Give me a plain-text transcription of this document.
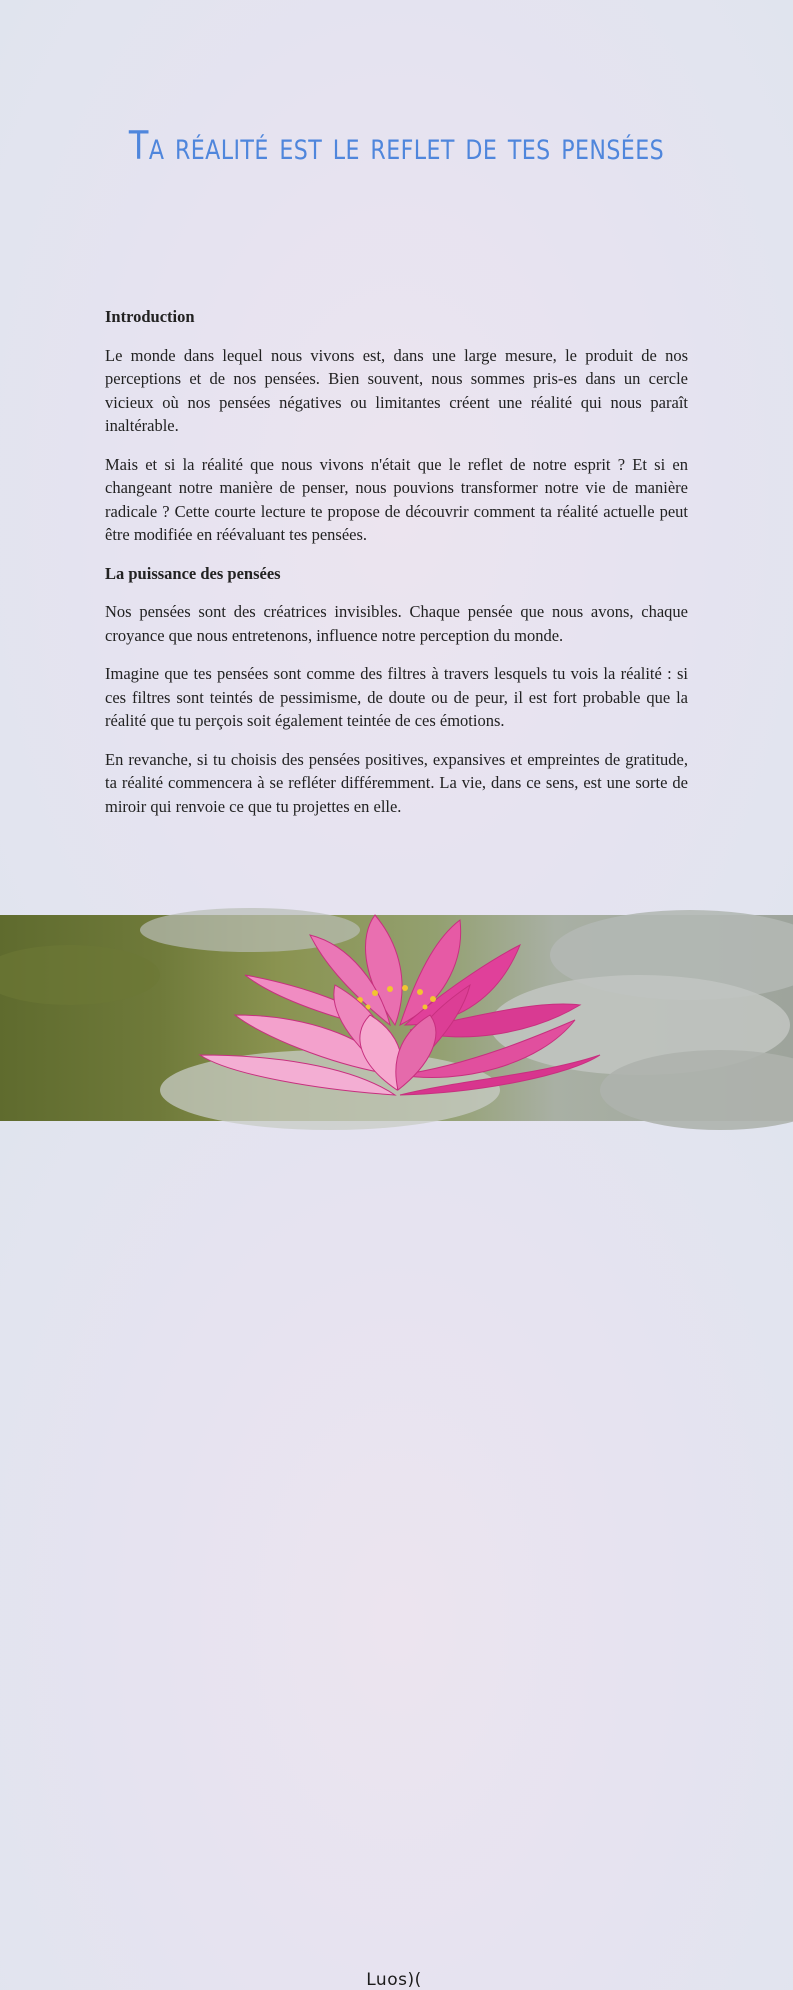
Ta réalité est le reflet de tes pensées
Introduction

Le monde dans lequel nous vivons est, dans une large mesure, le produit de nos perceptions et de nos pensées. Bien souvent, nous sommes pris-es dans un cercle vicieux où nos pensées négatives ou limitantes créent une réalité qui nous paraît inaltérable.

Mais et si la réalité que nous vivons n'était que le reflet de notre esprit ? Et si en changeant notre manière de penser, nous pouvions transformer notre vie de manière radicale ? Cette courte lecture te propose de découvrir comment ta réalité actuelle peut être modifiée en réévaluant tes pensées.

La puissance des pensées

Nos pensées sont des créatrices invisibles. Chaque pensée que nous avons, chaque croyance que nous entretenons, influence notre perception du monde.

Imagine que tes pensées sont comme des filtres à travers lesquels tu vois la réalité : si ces filtres sont teintés de pessimisme, de doute ou de peur, il est fort probable que la réalité que tu perçois soit également teintée de ces émotions.

En revanche, si tu choisis des pensées positives, expansives et empreintes de gratitude, ta réalité commencera à se refléter différemment. La vie, dans ce sens, est une sorte de miroir qui renvoie ce que tu projettes en elle.

Luos)(
